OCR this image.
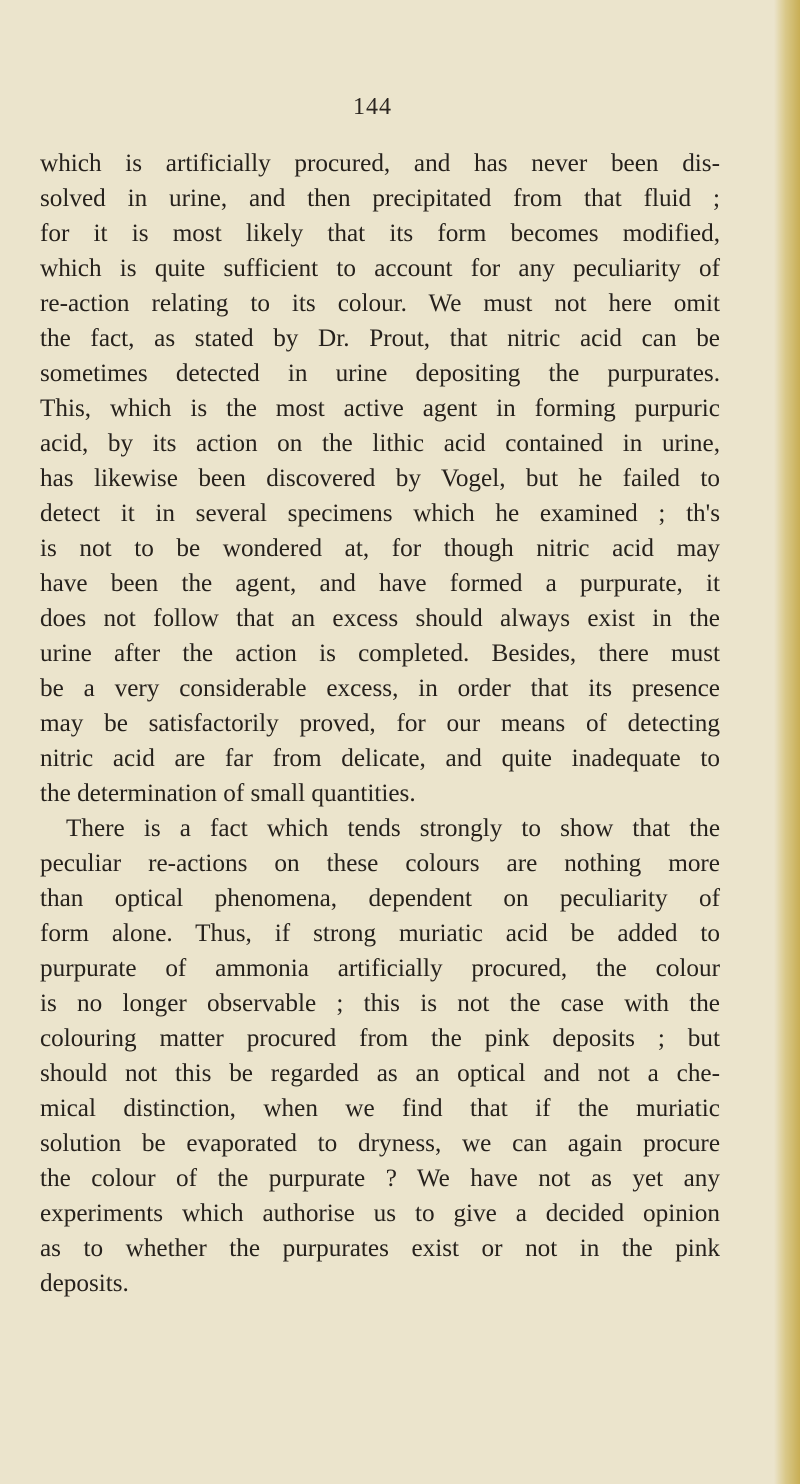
144
which is artificially procured, and has never been dis-
solved in urine, and then precipitated from that fluid ;
for it is most likely that its form becomes modified,
which is quite sufficient to account for any peculiarity of
re-action relating to its colour. We must not here omit
the fact, as stated by Dr. Prout, that nitric acid can be
sometimes detected in urine depositing the purpurates.
This, which is the most active agent in forming purpuric
acid, by its action on the lithic acid contained in urine,
has likewise been discovered by Vogel, but he failed to
detect it in several specimens which he examined ; th's
is not to be wondered at, for though nitric acid may
have been the agent, and have formed a purpurate, it
does not follow that an excess should always exist in the
urine after the action is completed. Besides, there must
be a very considerable excess, in order that its presence
may be satisfactorily proved, for our means of detecting
nitric acid are far from delicate, and quite inadequate to
the determination of small quantities.
There is a fact which tends strongly to show that the
peculiar re-actions on these colours are nothing more
than optical phenomena, dependent on peculiarity of
form alone. Thus, if strong muriatic acid be added to
purpurate of ammonia artificially procured, the colour
is no longer observable ; this is not the case with the
colouring matter procured from the pink deposits ; but
should not this be regarded as an optical and not a che-
mical distinction, when we find that if the muriatic
solution be evaporated to dryness, we can again procure
the colour of the purpurate ? We have not as yet any
experiments which authorise us to give a decided opinion
as to whether the purpurates exist or not in the pink
deposits.
